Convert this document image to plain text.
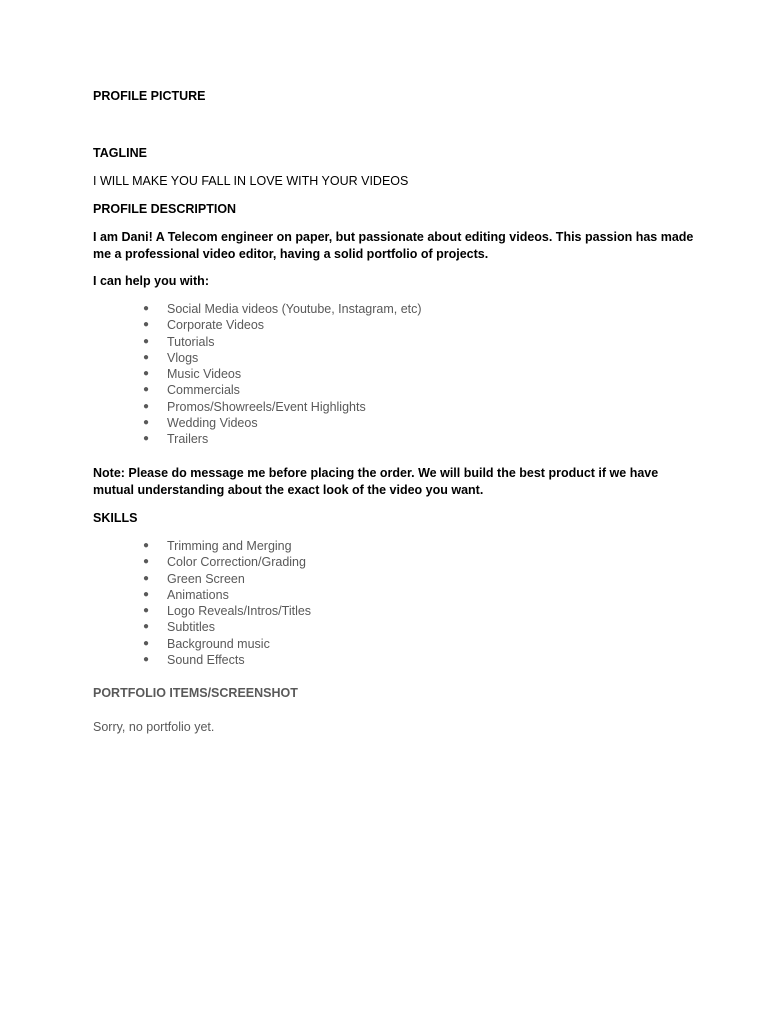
PROFILE PICTURE
TAGLINE
I WILL MAKE YOU FALL IN LOVE WITH YOUR VIDEOS
PROFILE DESCRIPTION
I am Dani! A Telecom engineer on paper, but passionate about editing videos. This passion has made
me a professional video editor, having a solid portfolio of projects.
I can help you with:
● Social Media videos (Youtube, Instagram, etc)
● Corporate Videos
● Tutorials
● Vlogs
● Music Videos
● Commercials
● Promos/Showreels/Event Highlights
● Wedding Videos
● Trailers
Note: Please do message me before placing the order. We will build the best product if we have
mutual understanding about the exact look of the video you want.
SKILLS
● Trimming and Merging
● Color Correction/Grading
● Green Screen
● Animations
● Logo Reveals/Intros/Titles
● Subtitles
● Background music
● Sound Effects
PORTFOLIO ITEMS/SCREENSHOT
Sorry, no portfolio yet.
